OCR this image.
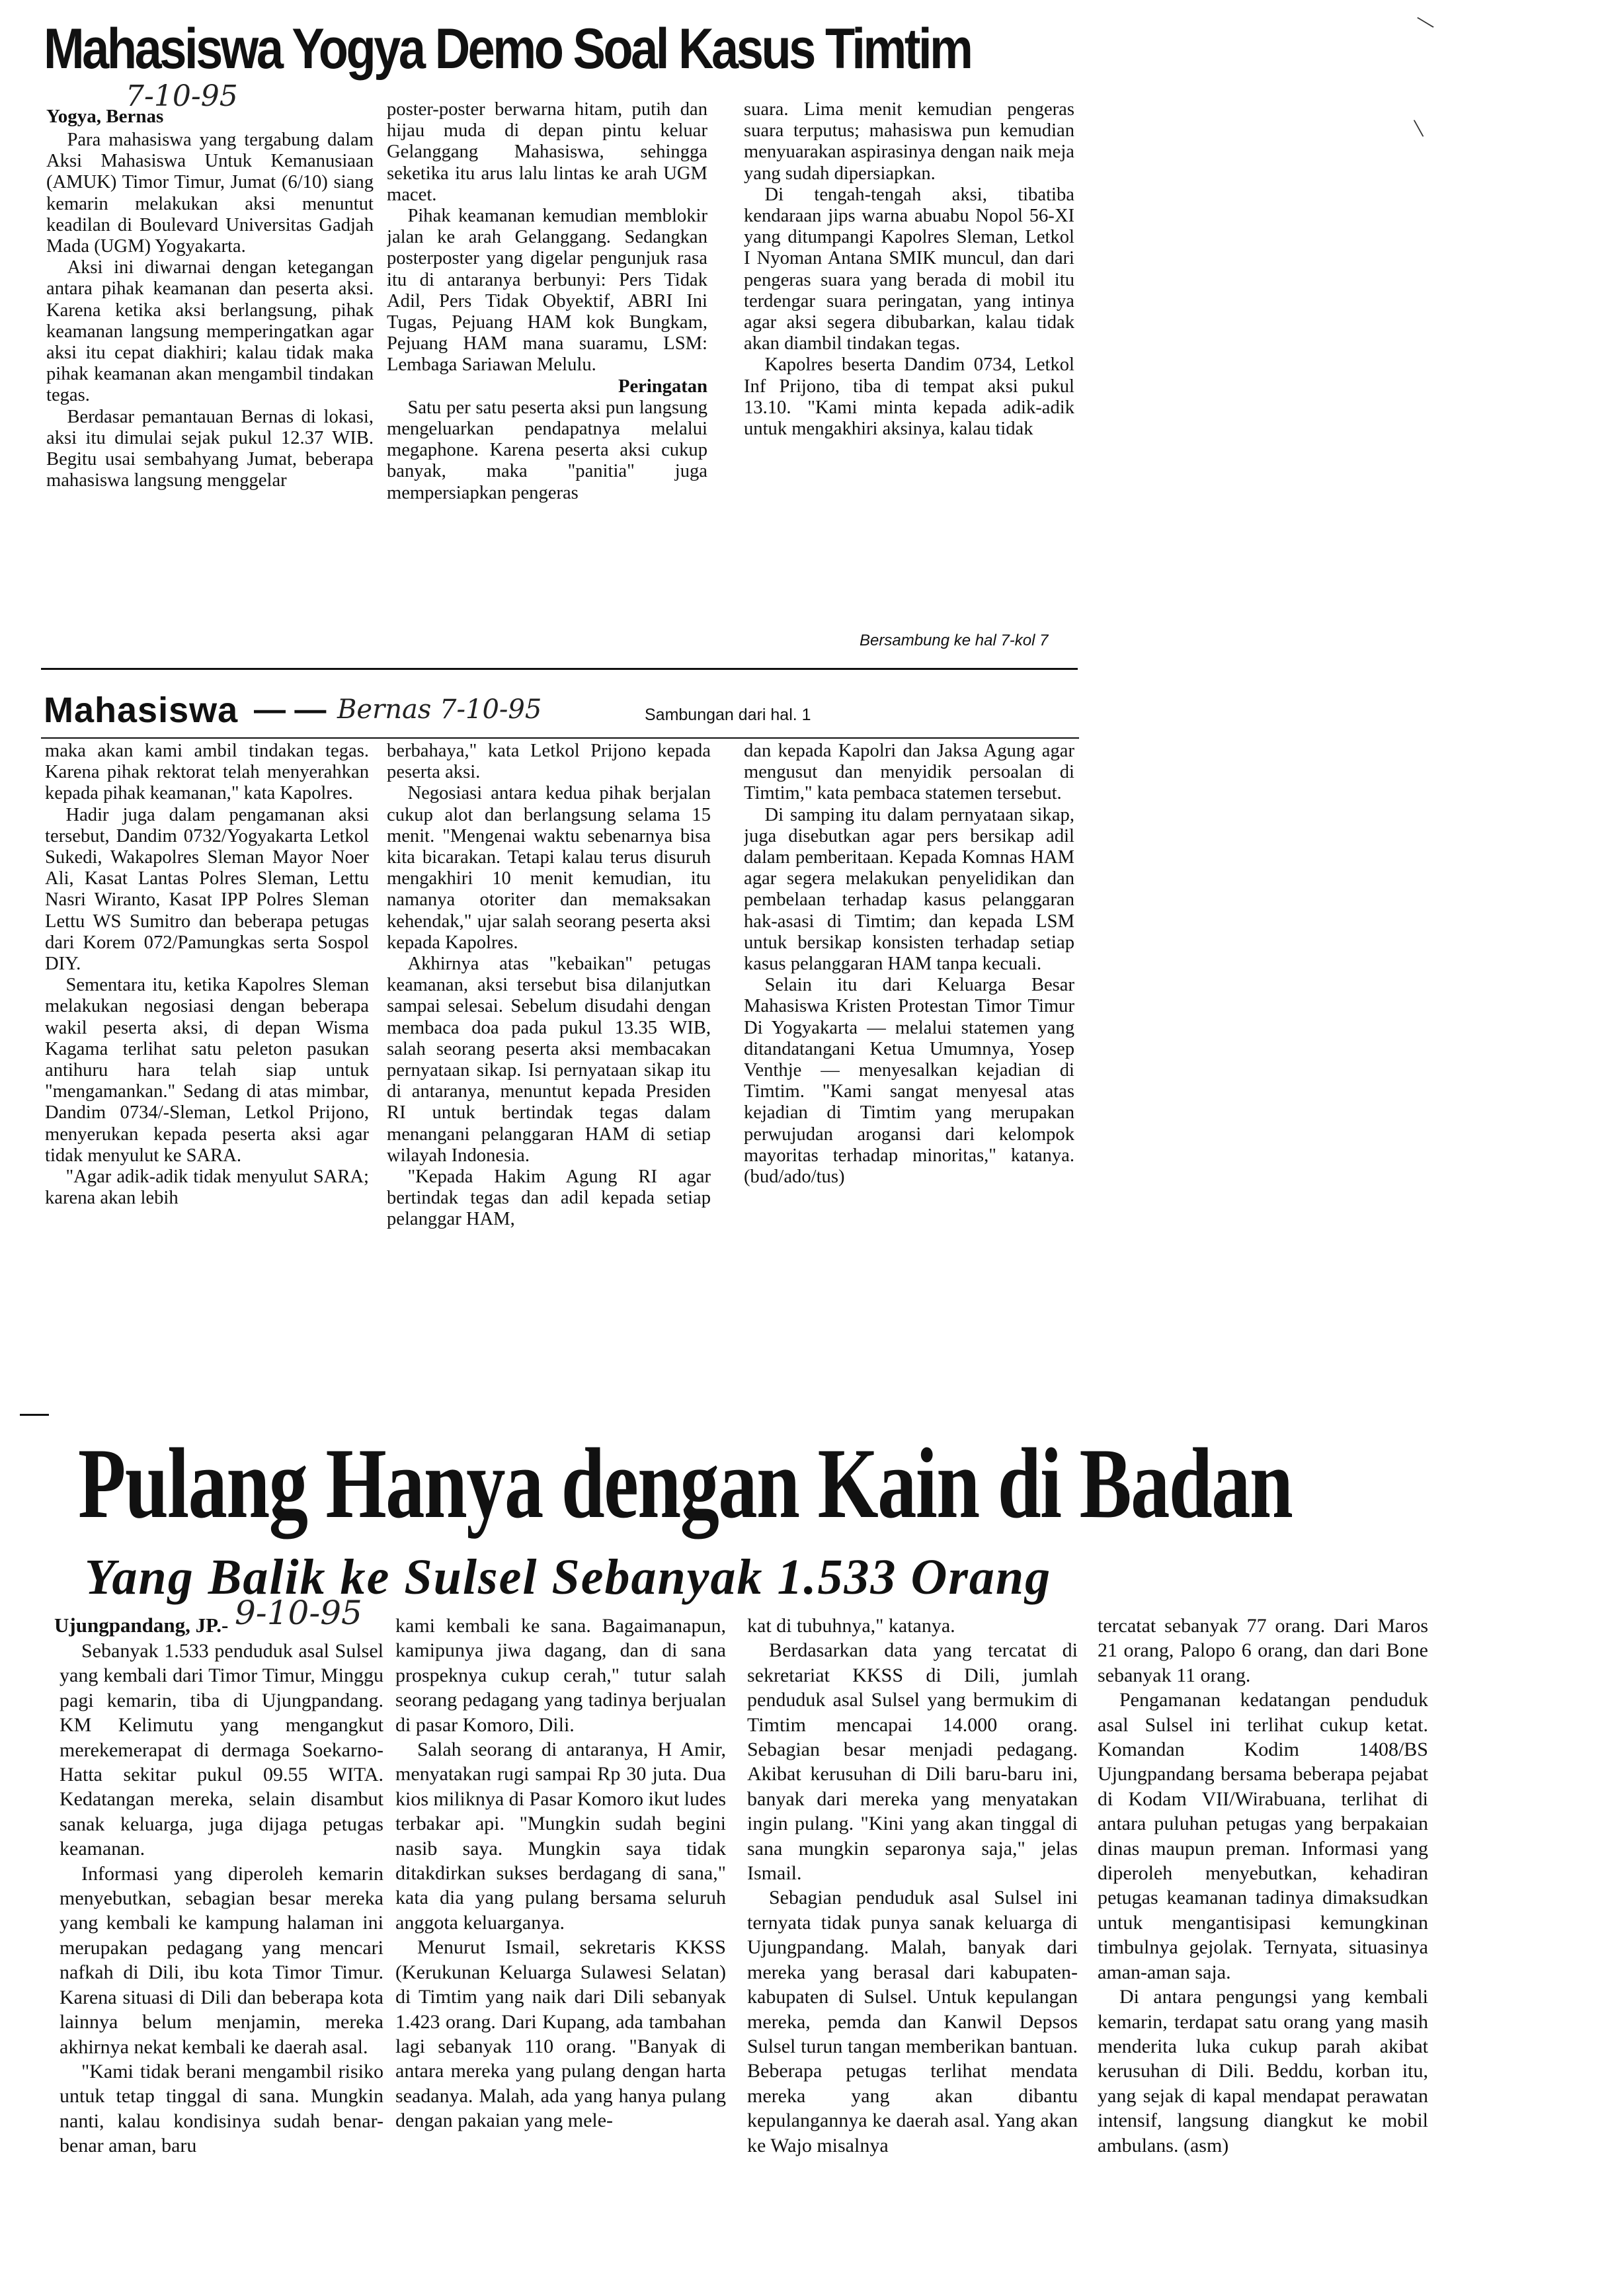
Mahasiswa Yogya Demo Soal Kasus Timtim
Yogya, Bernas
7-10-95

Para mahasiswa yang tergabung dalam Aksi Mahasiswa Untuk Kemanusiaan (AMUK) Timor Timur, Jumat (6/10) siang kemarin melakukan aksi menuntut keadilan di Boulevard Universitas Gadjah Mada (UGM) Yogyakarta.

Aksi ini diwarnai dengan ketegangan antara pihak keamanan dan peserta aksi. Karena ketika aksi berlangsung, pihak keamanan langsung memperingatkan agar aksi itu cepat diakhiri; kalau tidak maka pihak keamanan akan mengambil tindakan tegas.

Berdasar pemantauan Bernas di lokasi, aksi itu dimulai sejak pukul 12.37 WIB. Begitu usai sembahyang Jumat, beberapa mahasiswa langsung menggelar

poster-poster berwarna hitam, putih dan hijau muda di depan pintu keluar Gelanggang Mahasiswa, sehingga seketika itu arus lalu lintas ke arah UGM macet.

Pihak keamanan kemudian memblokir jalan ke arah Gelanggang. Sedangkan posterposter yang digelar pengunjuk rasa itu di antaranya berbunyi: Pers Tidak Adil, Pers Tidak Obyektif, ABRI Ini Tugas, Pejuang HAM kok Bungkam, Pejuang HAM mana suaramu, LSM: Lembaga Sariawan Melulu.

Peringatan

Satu per satu peserta aksi pun langsung mengeluarkan pendapatnya melalui megaphone. Karena peserta aksi cukup banyak, maka "panitia" juga mempersiapkan pengeras

suara. Lima menit kemudian pengeras suara terputus; mahasiswa pun kemudian menyuarakan aspirasinya dengan naik meja yang sudah dipersiapkan.

Di tengah-tengah aksi, tibatiba kendaraan jips warna abuabu Nopol 56-XI yang ditumpangi Kapolres Sleman, Letkol I Nyoman Antana SMIK muncul, dan dari pengeras suara yang berada di mobil itu terdengar suara peringatan, yang intinya agar aksi segera dibubarkan, kalau tidak akan diambil tindakan tegas.

Kapolres beserta Dandim 0734, Letkol Inf Prijono, tiba di tempat aksi pukul 13.10. "Kami minta kepada adik-adik untuk mengakhiri aksinya, kalau tidak

Bersambung ke hal 7-kol 7
Mahasiswa — — Bernas 7-10-95	Sambungan dari hal. 1

maka akan kami ambil tindakan tegas. Karena pihak rektorat telah menyerahkan kepada pihak keamanan," kata Kapolres.

Hadir juga dalam pengamanan aksi tersebut, Dandim 0732/Yogyakarta Letkol Sukedi, Wakapolres Sleman Mayor Noer Ali, Kasat Lantas Polres Sleman, Lettu Nasri Wiranto, Kasat IPP Polres Sleman Lettu WS Sumitro dan beberapa petugas dari Korem 072/Pamungkas serta Sospol DIY.

Sementara itu, ketika Kapolres Sleman melakukan negosiasi dengan beberapa wakil peserta aksi, di depan Wisma Kagama terlihat satu peleton pasukan antihuru hara telah siap untuk "mengamankan." Sedang di atas mimbar, Dandim 0734/-Sleman, Letkol Prijono, menyerukan kepada peserta aksi agar tidak menyulut ke SARA.

"Agar adik-adik tidak menyulut SARA; karena akan lebih

berbahaya," kata Letkol Prijono kepada peserta aksi.

Negosiasi antara kedua pihak berjalan cukup alot dan berlangsung selama 15 menit. "Mengenai waktu sebenarnya bisa kita bicarakan. Tetapi kalau terus disuruh mengakhiri 10 menit kemudian, itu namanya otoriter dan memaksakan kehendak," ujar salah seorang peserta aksi kepada Kapolres.

Akhirnya atas "kebaikan" petugas keamanan, aksi tersebut bisa dilanjutkan sampai selesai. Sebelum disudahi dengan membaca doa pada pukul 13.35 WIB, salah seorang peserta aksi membacakan pernyataan sikap. Isi pernyataan sikap itu di antaranya, menuntut kepada Presiden RI untuk bertindak tegas dalam menangani pelanggaran HAM di setiap wilayah Indonesia.

"Kepada Hakim Agung RI agar bertindak tegas dan adil kepada setiap pelanggar HAM,

dan kepada Kapolri dan Jaksa Agung agar mengusut dan menyidik persoalan di Timtim," kata pembaca statemen tersebut.

Di samping itu dalam pernyataan sikap, juga disebutkan agar pers bersikap adil dalam pemberitaan. Kepada Komnas HAM agar segera melakukan penyelidikan dan pembelaan terhadap kasus pelanggaran hak-asasi di Timtim; dan kepada LSM untuk bersikap konsisten terhadap setiap kasus pelanggaran HAM tanpa kecuali.

Selain itu dari Keluarga Besar Mahasiswa Kristen Protestan Timor Timur Di Yogyakarta — melalui statemen yang ditandatangani Ketua Umumnya, Yosep Venthje — menyesalkan kejadian di Timtim. "Kami sangat menyesal atas kejadian di Timtim yang merupakan perwujudan arogansi dari kelompok mayoritas terhadap minoritas," katanya. (bud/ado/tus)

Pulang Hanya dengan Kain di Badan
Yang Balik ke Sulsel Sebanyak 1.533 Orang
Ujungpandang, JP.- 9-10-95

Sebanyak 1.533 penduduk asal Sulsel yang kembali dari Timor Timur, Minggu pagi kemarin, tiba di Ujungpandang. KM Kelimutu yang mengangkut merekemerapat di dermaga Soekarno-Hatta sekitar pukul 09.55 WITA. Kedatangan mereka, selain disambut sanak keluarga, juga dijaga petugas keamanan.

Informasi yang diperoleh kemarin menyebutkan, sebagian besar mereka yang kembali ke kampung halaman ini merupakan pedagang yang mencari nafkah di Dili, ibu kota Timor Timur. Karena situasi di Dili dan beberapa kota lainnya belum menjamin, mereka akhirnya nekat kembali ke daerah asal.

"Kami tidak berani mengambil risiko untuk tetap tinggal di sana. Mungkin nanti, kalau kondisinya sudah benar-benar aman, baru

kami kembali ke sana. Bagaimanapun, kamipunya jiwa dagang, dan di sana prospeknya cukup cerah," tutur salah seorang pedagang yang tadinya berjualan di pasar Komoro, Dili.

Salah seorang di antaranya, H Amir, menyatakan rugi sampai Rp 30 juta. Dua kios miliknya di Pasar Komoro ikut ludes terbakar api. "Mungkin sudah begini nasib saya. Mungkin saya tidak ditakdirkan sukses berdagang di sana," kata dia yang pulang bersama seluruh anggota keluarganya.

Menurut Ismail, sekretaris KKSS (Kerukunan Keluarga Sulawesi Selatan) di Timtim yang naik dari Dili sebanyak 1.423 orang. Dari Kupang, ada tambahan lagi sebanyak 110 orang. "Banyak di antara mereka yang pulang dengan harta seadanya. Malah, ada yang hanya pulang dengan pakaian yang mele-

kat di tubuhnya," katanya.

Berdasarkan data yang tercatat di sekretariat KKSS di Dili, jumlah penduduk asal Sulsel yang bermukim di Timtim mencapai 14.000 orang. Sebagian besar menjadi pedagang. Akibat kerusuhan di Dili baru-baru ini, banyak dari mereka yang menyatakan ingin pulang. "Kini yang akan tinggal di sana mungkin separonya saja," jelas Ismail.

Sebagian penduduk asal Sulsel ini ternyata tidak punya sanak keluarga di Ujungpandang. Malah, banyak dari mereka yang berasal dari kabupaten-kabupaten di Sulsel. Untuk kepulangan mereka, pemda dan Kanwil Depsos Sulsel turun tangan memberikan bantuan. Beberapa petugas terlihat mendata mereka yang akan dibantu kepulangannya ke daerah asal. Yang akan ke Wajo misalnya

tercatat sebanyak 77 orang. Dari Maros 21 orang, Palopo 6 orang, dan dari Bone sebanyak 11 orang.

Pengamanan kedatangan penduduk asal Sulsel ini terlihat cukup ketat. Komandan Kodim 1408/BS Ujungpandang bersama beberapa pejabat di Kodam VII/Wirabuana, terlihat di antara puluhan petugas yang berpakaian dinas maupun preman. Informasi yang diperoleh menyebutkan, kehadiran petugas keamanan tadinya dimaksudkan untuk mengantisipasi kemungkinan timbulnya gejolak. Ternyata, situasinya aman-aman saja.

Di antara pengungsi yang kembali kemarin, terdapat satu orang yang masih menderita luka cukup parah akibat kerusuhan di Dili. Beddu, korban itu, yang sejak di kapal mendapat perawatan intensif, langsung diangkut ke mobil ambulans. (asm)

\
\
